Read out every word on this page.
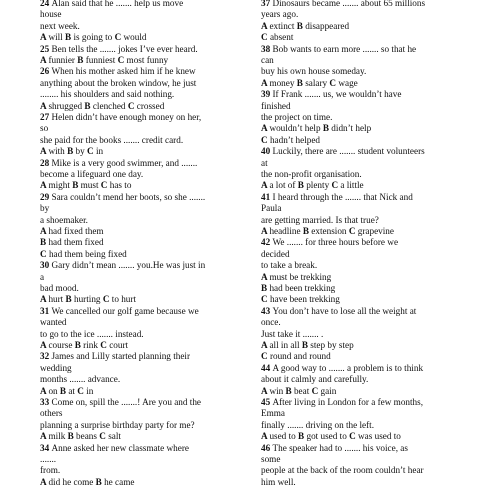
24 Alan said that he ....... help us move
house
next week.
A will B is going to C would
25 Ben tells the ....... jokes I’ve ever heard.
A funnier B funniest C most funny
26 When his mother asked him if he knew
anything about the broken window, he just
........ his shoulders and said nothing.
A shrugged B clenched C crossed
27 Helen didn’t have enough money on her,
so
she paid for the books ....... credit card.
A with B by C in
28 Mike is a very good swimmer, and .......
become a lifeguard one day.
A might B must C has to
29 Sara couldn’t mend her boots, so she .......
by
a shoemaker.
A had fixed them
B had them fixed
C had them being fixed
30 Gary didn’t mean ....... you.He was just in
a
bad mood.
A hurt B hurting C to hurt
31 We cancelled our golf game because we
wanted
to go to the ice ....... instead.
A course B rink C court
32 James and Lilly started planning their
wedding
months ....... advance.
A on B at C in
33 Come on, spill the .......! Are you and the
others
planning a surprise birthday party for me?
A milk B beans C salt
34 Anne asked her new classmate where
.......
from.
A did he come B he came
37 Dinosaurs became ....... about 65 millions
years ago.
A extinct B disappeared
C absent
38 Bob wants to earn more ....... so that he
can
buy his own house someday.
A money B salary C wage
39 If Frank ....... us, we wouldn’t have
finished
the project on time.
A wouldn’t help B didn’t help
C hadn’t helped
40 Luckily, there are ....... student volunteers
at
the non-profit organisation.
A a lot of B plenty C a little
41 I heard through the ....... that Nick and
Paula
are getting married. Is that true?
A headline B extension C grapevine
42 We ....... for three hours before we
decided
to take a break.
A must be trekking
B had been trekking
C have been trekking
43 You don’t have to lose all the weight at
once.
Just take it ....... .
A all in all B step by step
C round and round
44 A good way to ....... a problem is to think
about it calmly and carefully.
A win B beat C gain
45 After living in London for a few months,
Emma
finally ....... driving on the left.
A used to B got used to C was used to
46 The speaker had to ....... his voice, as
some
people at the back of the room couldn’t hear
him well.
